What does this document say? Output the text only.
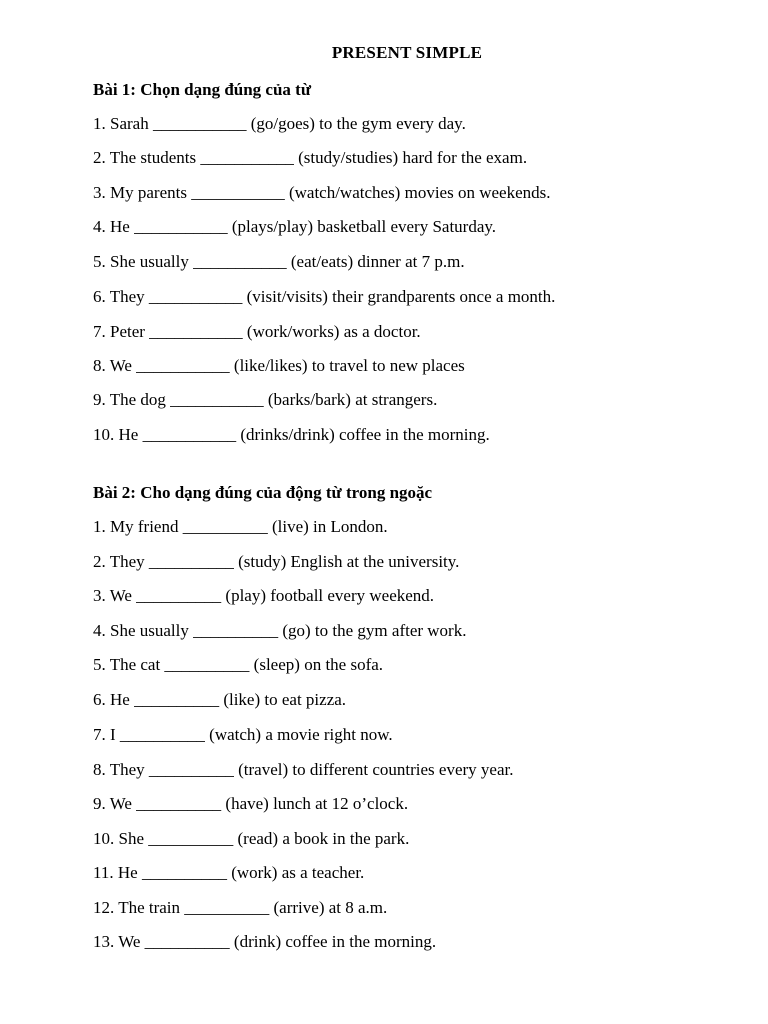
PRESENT SIMPLE
Bài 1: Chọn dạng đúng của từ
1. Sarah ___________ (go/goes) to the gym every day.
2. The students ___________ (study/studies) hard for the exam.
3. My parents ___________ (watch/watches) movies on weekends.
4. He ___________ (plays/play) basketball every Saturday.
5. She usually ___________ (eat/eats) dinner at 7 p.m.
6. They ___________ (visit/visits) their grandparents once a month.
7. Peter ___________ (work/works) as a doctor.
8. We ___________ (like/likes) to travel to new places
9. The dog ___________ (barks/bark) at strangers.
10. He ___________ (drinks/drink) coffee in the morning.
Bài 2: Cho dạng đúng của động từ trong ngoặc
1. My friend __________ (live) in London.
2. They __________ (study) English at the university.
3. We __________ (play) football every weekend.
4. She usually __________ (go) to the gym after work.
5. The cat __________ (sleep) on the sofa.
6. He __________ (like) to eat pizza.
7. I __________ (watch) a movie right now.
8. They __________ (travel) to different countries every year.
9. We __________ (have) lunch at 12 o’clock.
10. She __________ (read) a book in the park.
11. He __________ (work) as a teacher.
12. The train __________ (arrive) at 8 a.m.
13. We __________ (drink) coffee in the morning.
